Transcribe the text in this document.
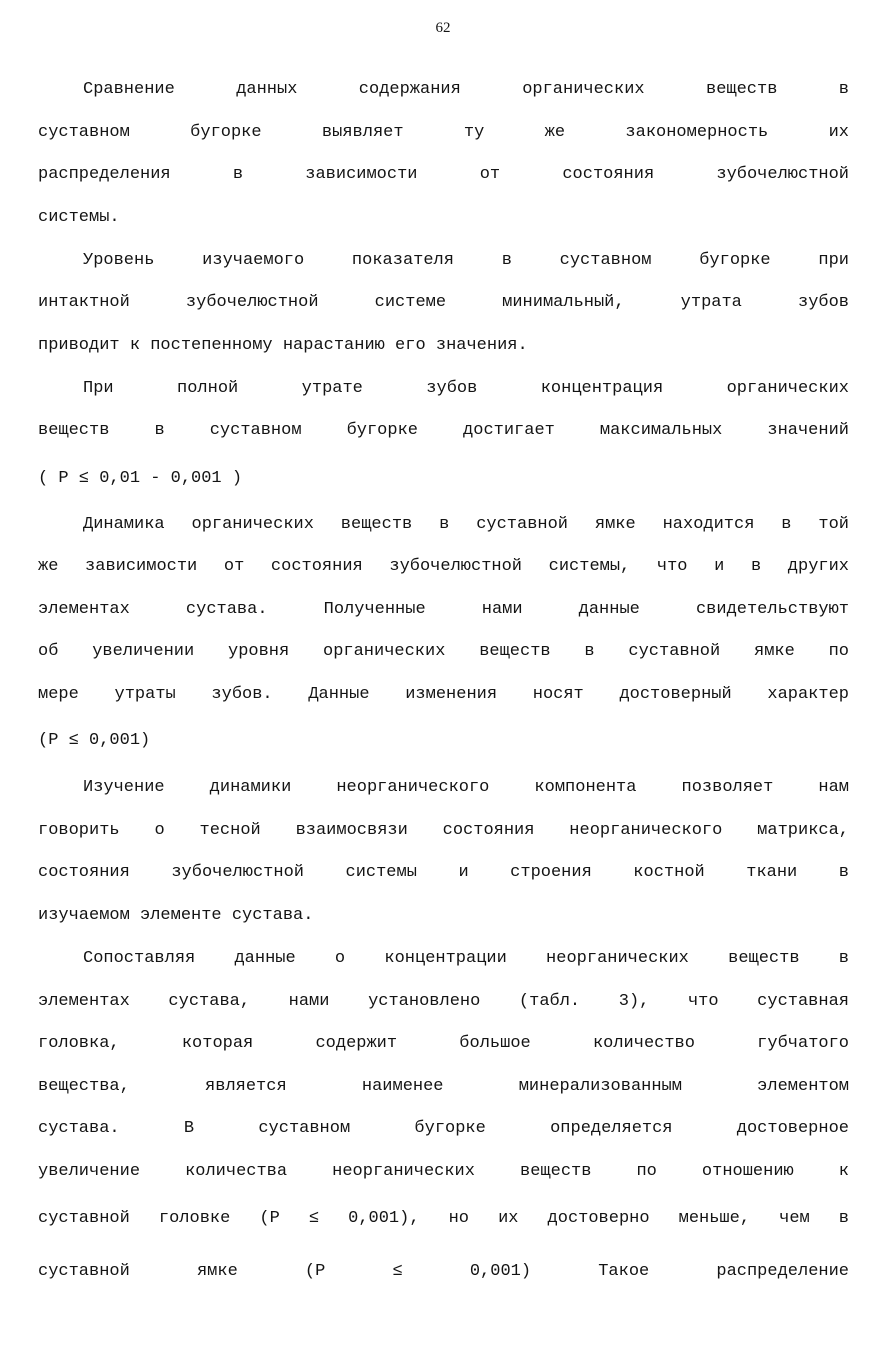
62
Сравнение данных содержания органических веществ в
суставном бугорке выявляет ту же закономерность их
распределения в зависимости от состояния зубочелюстной
системы.
Уровень изучаемого показателя в суставном бугорке при
интактной зубочелюстной системе минимальный, утрата зубов
приводит к постепенному нарастанию его значения.
При полной утрате зубов концентрация органических
веществ в суставном бугорке достигает максимальных значений
( P ≤ 0,01 - 0,001 )
Динамика органических веществ в суставной ямке находится в той
же зависимости от состояния зубочелюстной системы, что и в других
элементах сустава. Полученные нами данные свидетельствуют
об увеличении уровня органических веществ в суставной ямке по
мере утраты зубов. Данные изменения носят достоверный характер
(P ≤ 0,001)
Изучение динамики неорганического компонента позволяет нам
говорить о тесной взаимосвязи состояния неорганического матрикса,
состояния зубочелюстной системы и строения костной ткани в
изучаемом элементе сустава.
Сопоставляя данные о концентрации неорганических веществ в
элементах сустава, нами установлено (табл. 3), что суставная
головка, которая содержит большое количество губчатого
вещества, является наименее минерализованным элементом
сустава. В суставном бугорке определяется достоверное
увеличение количества неорганических веществ по отношению к
суставной головке (P ≤ 0,001), но их достоверно меньше, чем в
суставной ямке (P ≤ 0,001) Такое распределение
